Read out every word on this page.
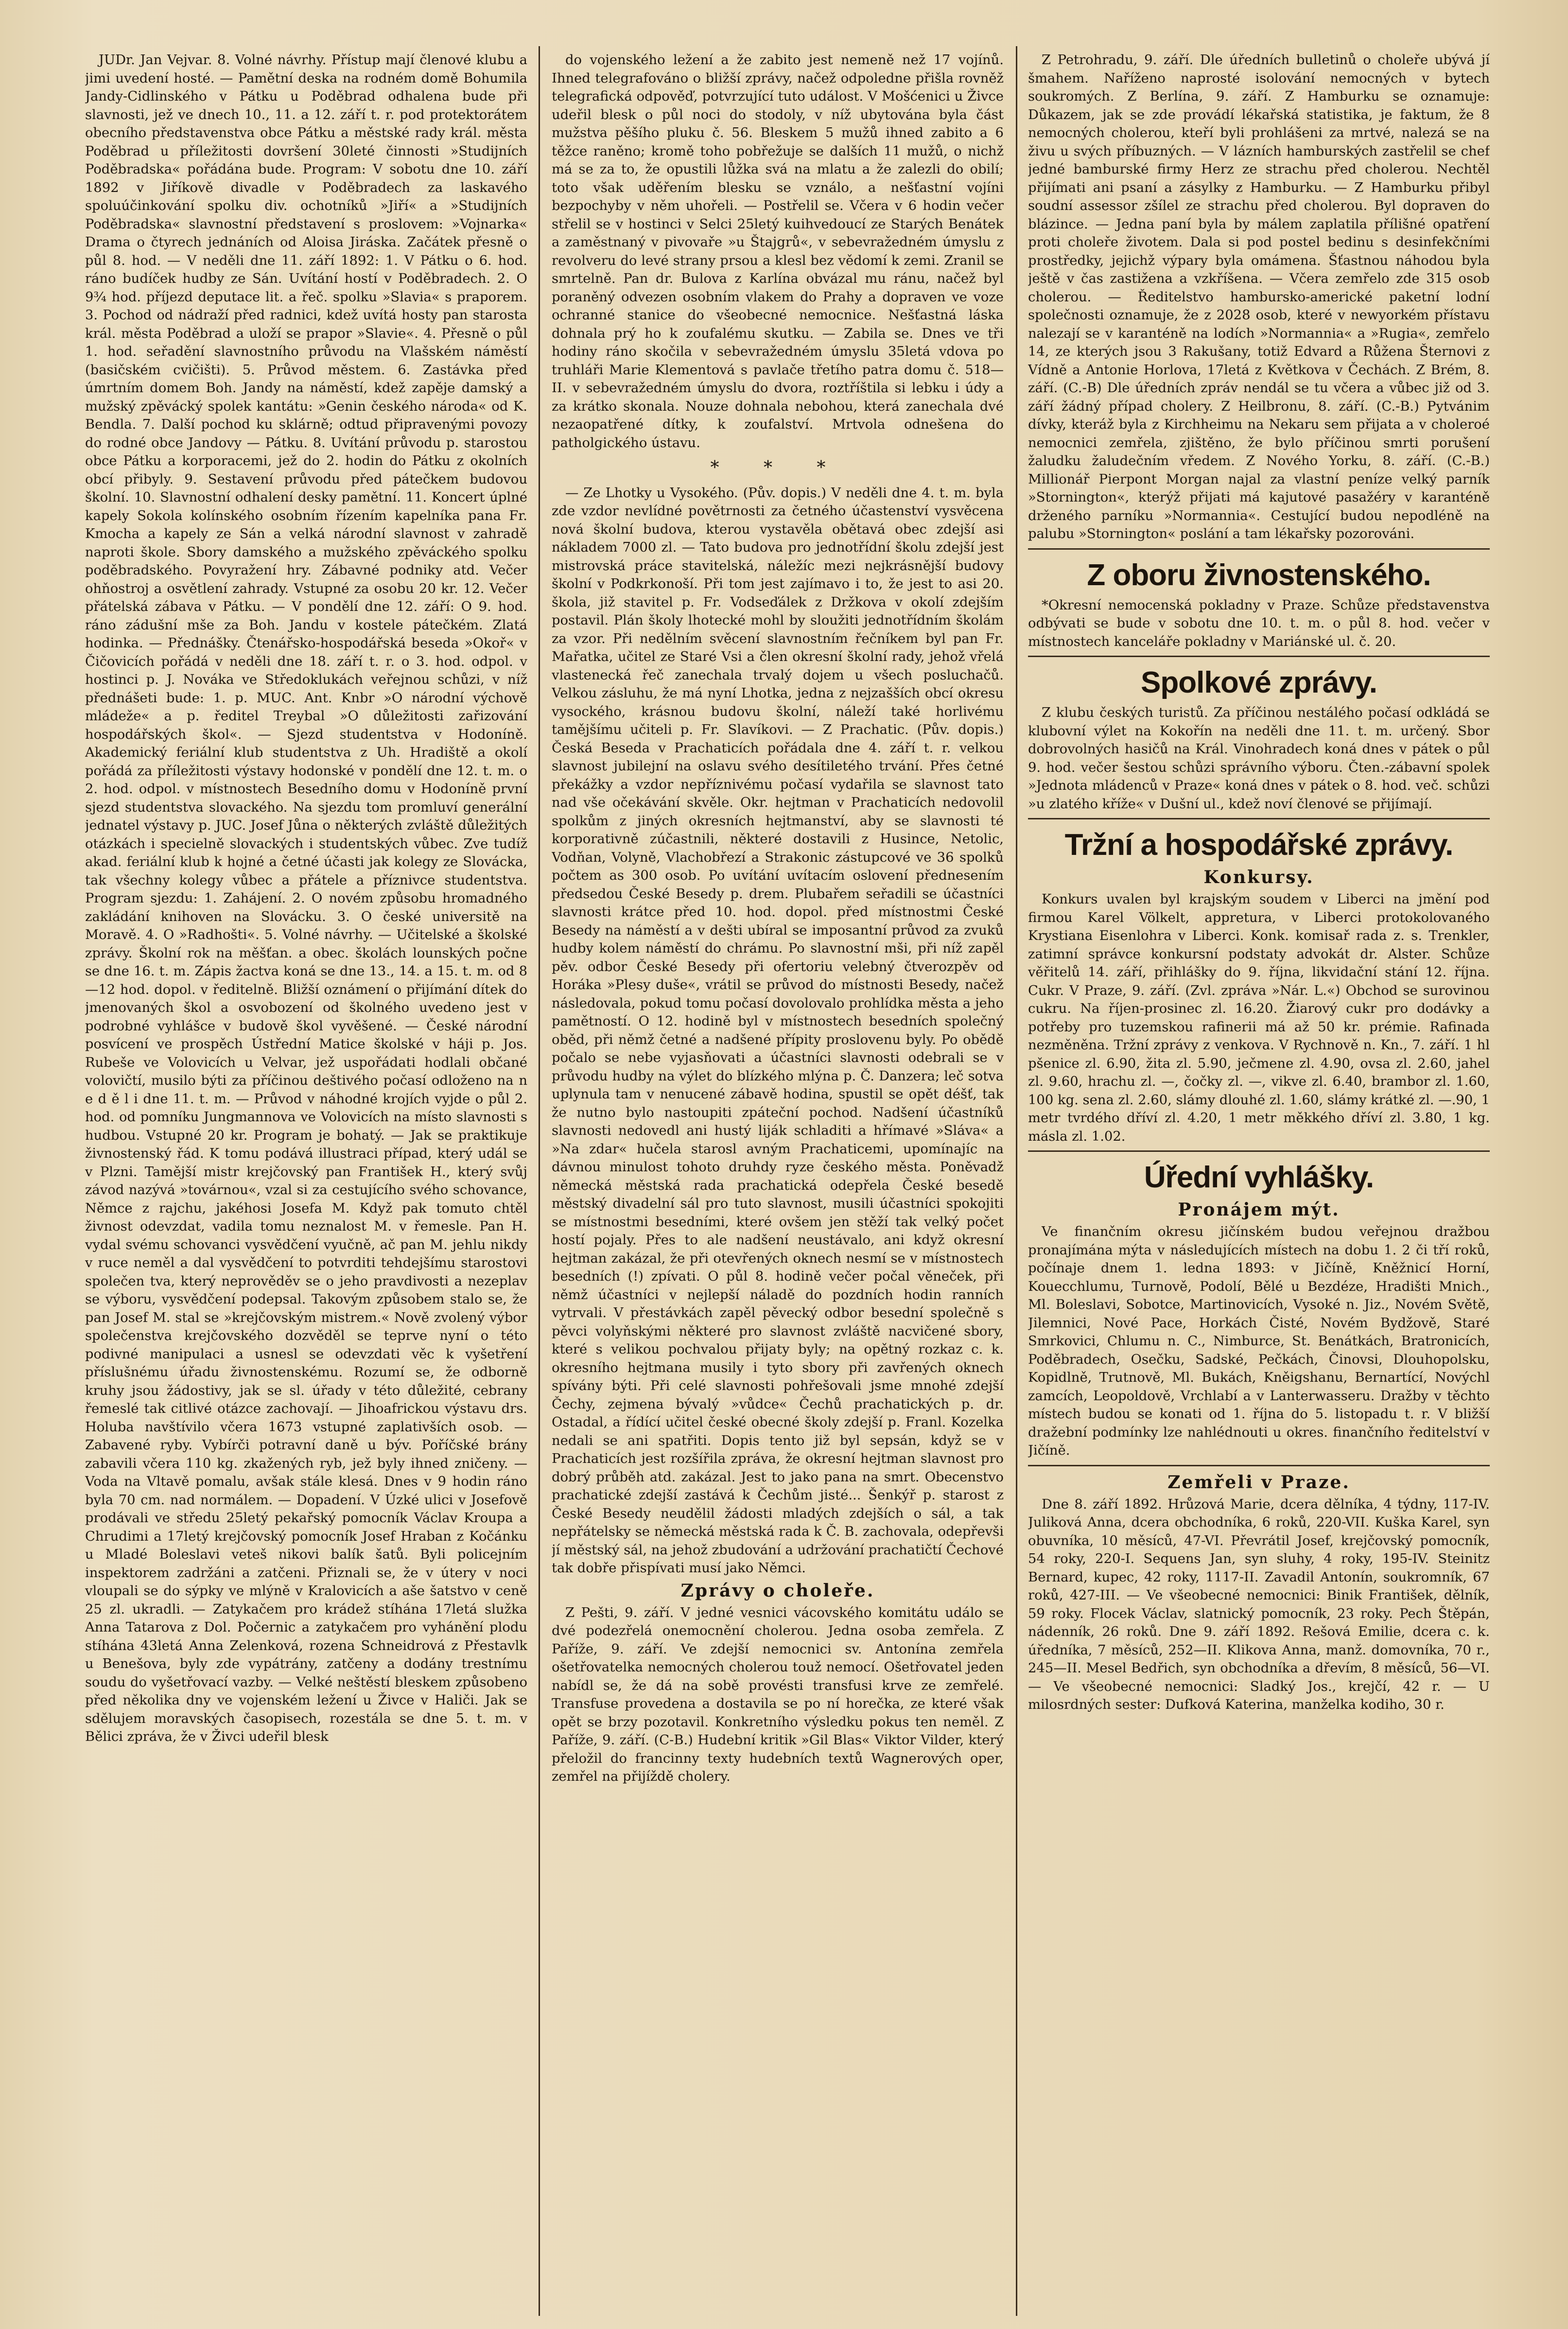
JUDr. Jan Vejvar. 8. Volné návrhy. Přístup mají členové klubu a jimi uvedení hosté. — Pamětní deska na rodném domě Bohumila Jandy-Cidlinského v Pátku u Poděbrad odhalena bude při slavnosti, jež ve dnech 10., 11. a 12. září t. r. pod protektorátem obecního představenstva obce Pátku a městské rady král. města Poděbrad u příležitosti dovršení 30leté činnosti »Studijních Poděbradska« pořádána bude. Program: V sobotu dne 10. září 1892 v Jiříkově divadle v Poděbradech za laskavého spoluúčinkování spolku div. ochotníků »Jiří« a »Studijních Poděbradska« slavnostní představení s proslovem: »Vojnarka« Drama o čtyrech jednáních od Aloisa Jiráska. Začátek přesně o půl 8. hod. — V neděli dne 11. září 1892: 1. V Pátku o 6. hod. ráno budíček hudby ze Sán. Uvítání hostí v Poděbradech. 2. O 9¾ hod. příjezd deputace lit. a řeč. spolku »Slavia« s praporem. 3. Pochod od nádraží před radnici, kdež uvítá hosty pan starosta král. města Poděbrad a uloží se prapor »Slavie«. 4. Přesně o půl 1. hod. seřadění slavnostního průvodu na Vlašském náměstí (basičském cvičišti). 5. Průvod městem. 6. Zastávka před úmrtním domem Boh. Jandy na náměstí, kdež zapěje damský a mužský zpěvácký spolek kantátu: »Genin českého národa« od K. Bendla. 7. Další pochod ku sklárně; odtud připravenými povozy do rodné obce Jandovy — Pátku. 8. Uvítání průvodu p. starostou obce Pátku a korporacemi, jež do 2. hodin do Pátku z okolních obcí přibyly. 9. Sestavení průvodu před pátečkem budovou školní. 10. Slavnostní odhalení desky pamětní. 11. Koncert úplné kapely Sokola kolínského osobním řízením kapelníka pana Fr. Kmocha a kapely ze Sán a velká národní slavnost v zahradě naproti škole. Sbory damského a mužského zpěváckého spolku poděbradského. Povyražení hry. Zábavné podniky atd. Večer ohňostroj a osvětlení zahrady. Vstupné za osobu 20 kr. 12. Večer přátelská zábava v Pátku. — V pondělí dne 12. září: O 9. hod. ráno zádušní mše za Boh. Jandu v kostele pátečkém. Zlatá hodinka. — Přednášky. Čtenářsko-hospodářská beseda »Okoř« v Čičovicích pořádá v neděli dne 18. září t. r. o 3. hod. odpol. v hostinci p. J. Nováka ve Středoklukách veřejnou schůzi, v níž přednášeti bude: 1. p. MUC. Ant. Knbr »O národní výchově mládeže« a p. ředitel Treybal »O důležitosti zařizování hospodářských škol«. — Sjezd studentstva v Hodoníně. Akademický feriální klub studentstva z Uh. Hradiště a okolí pořádá za příležitosti výstavy hodonské v pondělí dne 12. t. m. o 2. hod. odpol. v místnostech Besedního domu v Hodoníně první sjezd studentstva slovackého. Na sjezdu tom promluví generální jednatel výstavy p. JUC. Josef Jůna o některých zvláště důležitých otázkách i specielně slovackých i studentských vůbec. Zve tudíž akad. feriální klub k hojné a četné účasti jak kolegy ze Slovácka, tak všechny kolegy vůbec a přátele a příznivce studentstva. Program sjezdu: 1. Zahájení. 2. O novém způsobu hromadného zakládání knihoven na Slovácku. 3. O české universitě na Moravě. 4. O »Radhošti«. 5. Volné návrhy. — Učitelské a školské zprávy. Školní rok na měšťan. a obec. školách lounských počne se dne 16. t. m. Zápis žactva koná se dne 13., 14. a 15. t. m. od 8—12 hod. dopol. v ředitelně. Bližší oznámení o přijímání dítek do jmenovaných škol a osvobození od školného uvedeno jest v podrobné vyhlášce v budově škol vyvěšené. — České národní posvícení ve prospěch Ústřední Matice školské v háji p. Jos. Rubeše ve Volovicích u Velvar, jež uspořádati hodlali občané volovičtí, musilo býti za příčinou deštivého počasí odloženo na n e d ě l i dne 11. t. m. — Průvod v náhodné krojích vyjde o půl 2. hod. od pomníku Jungmannova ve Volovicích na místo slavnosti s hudbou. Vstupné 20 kr. Program je bohatý. — Jak se praktikuje živnostenský řád. K tomu podává illustraci případ, který udál se v Plzni. Tamější mistr krejčovský pan František H., který svůj závod nazývá »továrnou«, vzal si za cestujícího svého schovance, Němce z rajchu, jakéhosi Josefa M. Když pak tomuto chtěl živnost odevzdat, vadila tomu neznalost M. v řemesle. Pan H. vydal svému schovanci vysvědčení vyučně, ač pan M. jehlu nikdy v ruce neměl a dal vysvědčení to potvrditi tehdejšímu starostovi společen tva, který neprověděv se o jeho pravdivosti a nezeplav se výboru, vysvědčení podepsal. Takovým způsobem stalo se, že pan Josef M. stal se »krejčovským mistrem.« Nově zvolený výbor společenstva krejčovského dozvěděl se teprve nyní o této podivné manipulaci a usnesl se odevzdati věc k vyšetření příslušnému úřadu živnostenskému. Rozumí se, že odborně kruhy jsou žádostivy, jak se sl. úřady v této důležité, cebrany řemeslé tak citlivé otázce zachovají. — Jihoafrickou výstavu drs. Holuba navštívilo včera 1673 vstupné zaplativších osob. —Zabavené ryby. Vybírči potravní daně u býv. Poříčské brány zabavili včera 110 kg. zkažených ryb, jež byly ihned zničeny. — Voda na Vltavě pomalu, avšak stále klesá. Dnes v 9 hodin ráno byla 70 cm. nad normálem. — Dopadení. V Úzké ulici v Josefově prodávali ve středu 25letý pekařský pomocník Václav Kroupa a Chrudimi a 17letý krejčovský pomocník Josef Hraban z Kočánku u Mladé Boleslavi veteš nikovi balík šatů. Byli policejním inspektorem zadržáni a zatčeni. Přiznali se, že v útery v noci vloupali se do sýpky ve mlýně v Kralovicích a aše šatstvo v ceně 25 zl. ukradli. — Zatykačem pro krádež stíhána 17letá služka Anna Tatarova z Dol. Počernic a zatykačem pro vyhánění plodu stíhána 43letá Anna Zelenková, rozena Schneidrová z Přestavlk u Benešova, byly zde vypátrány, zatčeny a dodány trestnímu soudu do vyšetřovací vazby. — Velké neštěstí bleskem způsobeno před několika dny ve vojenském ležení u Živce v Haliči. Jak se sdělujem moravských časopisech, rozestála se dne 5. t. m. v Bělici zpráva, že v Živci udeřil blesk

do vojenského ležení a že zabito jest nemeně než 17 vojínů. Ihned telegrafováno o bližší zprávy, načež odpoledne přišla rovněž telegrafická odpověď, potvrzující tuto událost. V Mošćenici u Živce udeřil blesk o půl noci do stodoly, v níž ubytována byla část mužstva pěšího pluku č. 56. Bleskem 5 mužů ihned zabito a 6 těžce raněno; kromě toho pobřežuje se dalších 11 mužů, o nichž má se za to, že opustili lůžka svá na mlatu a že zalezli do obilí; toto však uděřením blesku se vználo, a nešťastní vojíni bezpochyby v něm uhořeli. — Postřelil se. Včera v 6 hodin večer střelil se v hostinci v Selci 25letý kuihvedoucí ze Starých Benátek a zaměstnaný v pivovaře »u Štajgrů«, v sebevražedném úmyslu z revolveru do levé strany prsou a klesl bez vědomí k zemi. Zranil se smrtelně. Pan dr. Bulova z Karlína obvázal mu ránu, načež byl poraněný odvezen osobním vlakem do Prahy a dopraven ve voze ochranné stanice do všeobecné nemocnice. Nešťastná láska dohnala prý ho k zoufalému skutku. — Zabila se. Dnes ve tři hodiny ráno skočila v sebevražedném úmyslu 35letá vdova po truhláři Marie Klementová s pavlače třetího patra domu č. 518—II. v sebevražedném úmyslu do dvora, roztříštila si lebku i údy a za krátko skonala. Nouze dohnala nebohou, která zanechala dvé nezaopatřené dítky, k zoufalství. Mrtvola odnešena do patholgického ústavu.

* * *

— Ze Lhotky u Vysokého. (Pův. dopis.) V neděli dne 4. t. m. byla zde vzdor nevlídné povětrnosti za četného účastenství vysvěcena nová školní budova, kterou vystavěla obětavá obec zdejší asi nákladem 7000 zl. — Tato budova pro jednotřídní školu zdejší jest mistrovská práce stavitelská, náležíc mezi nejkrásnější budovy školní v Podkrkonoší. Při tom jest zajímavo i to, že jest to asi 20. škola, již stavitel p. Fr. Vodseďálek z Držkova v okolí zdejším postavil. Plán školy lhotecké mohl by sloužiti jednotřídním školám za vzor. Při nedělním svěcení slavnostním řečníkem byl pan Fr. Mařatka, učitel ze Staré Vsi a člen okresní školní rady, jehož vřelá vlastenecká řeč zanechala trvalý dojem u všech posluchačů. Velkou zásluhu, že má nyní Lhotka, jedna z nejzašších obcí okresu vysockého, krásnou budovu školní, náleží také horlivému tamějšímu učiteli p. Fr. Slavíkovi. — Z Prachatic. (Pův. dopis.) Česká Beseda v Prachaticích pořádala dne 4. září t. r. velkou slavnost jubilejní na oslavu svého desítiletého trvání. Přes četné překážky a vzdor nepříznivému počasí vydařila se slavnost tato nad vše očekávání skvěle. Okr. hejtman v Prachaticích nedovolil spolkům z jiných okresních hejtmanství, aby se slavnosti té korporativně zúčastnili, některé dostavili z Husince, Netolic, Vodňan, Volyně, Vlachobřezí a Strakonic zástupcové ve 36 spolků počtem as 300 osob. Po uvítání uvítacím oslovení přednesením předsedou České Besedy p. drem. Plubařem seřadili se účastníci slavnosti krátce před 10. hod. dopol. před místnostmi České Besedy na náměstí a v dešti ubíral se imposantní průvod za zvuků hudby kolem náměstí do chrámu. Po slavnostní mši, při níž zapěl pěv. odbor České Besedy při ofertoriu velebný čtverozpěv od Horáka »Plesy duše«, vrátil se průvod do místnosti Besedy, načež následovala, pokud tomu počasí dovolovalo prohlídka města a jeho pamětností. O 12. hodině byl v místnostech besedních společný oběd, při němž četné a nadšené přípity proslovenu byly. Po obědě počalo se nebe vyjasňovati a účastníci slavnosti odebrali se v průvodu hudby na výlet do blízkého mlýna p. Č. Danzera; leč sotva uplynula tam v nenucené zábavě hodina, spustil se opět déšť, tak že nutno bylo nastoupiti zpáteční pochod. Nadšení účastníků slavnosti nedovedl ani hustý liják schladiti a hřímavé »Sláva« a »Na zdar« hučela starosl avným Prachaticemi, upomínajíc na dávnou minulost tohoto druhdy ryze českého města. Poněvadž německá městská rada prachatická odepřela České besedě městský divadelní sál pro tuto slavnost, musili účastníci spokojiti se místnostmi besedními, které ovšem jen stěží tak velký počet hostí pojaly. Přes to ale nadšení neustávalo, ani když okresní hejtman zakázal, že při otevřených oknech nesmí se v místnostech besedních (!) zpívati. O půl 8. hodině večer počal věneček, při němž účastníci v nejlepší náladě do pozdních hodin ranních vytrvali. V přestávkách zapěl pěvecký odbor besední společně s pěvci volyňskými některé pro slavnost zvláště nacvičené sbory, které s velikou pochvalou přijaty byly; na opětný rozkaz c. k. okresního hejtmana musily i tyto sbory při zavřených oknech spívány býti. Při celé slavnosti pohřešovali jsme mnohé zdejší Čechy, zejmena bývalý »vůdce« Čechů prachatických p. dr. Ostadal, a řídící učitel české obecné školy zdejší p. Franl. Kozelka nedali se ani spatřiti. Dopis tento již byl sepsán, když se v Prachaticích jest rozšířila zpráva, že okresní hejtman slavnost pro dobrý průběh atd. zakázal. Jest to jako pana na smrt. Obecenstvo prachatické zdejší zastává k Čechům jisté... Šenkýř p. starost z České Besedy neudělil žádosti mladých zdejších o sál, a tak nepřátelsky se německá městská rada k Č. B. zachovala, odepřevši jí městský sál, na jehož zbudování a udržování prachatičtí Čechové tak dobře přispívati musí jako Němci.

Zprávy o choleře.

Z Pešti, 9. září. V jedné vesnici vácovského komitátu událo se dvé podezřelá onemocnění cholerou. Jedna osoba zemřela. Z Paříže, 9. září. Ve zdejší nemocnici sv. Antonína zemřela ošetřovatelka nemocných cholerou touž nemocí. Ošetřovatel jeden nabídl se, že dá na sobě provésti transfusi krve ze zemřelé. Transfuse provedena a dostavila se po ní horečka, ze které však opět se brzy pozotavil. Konkretního výsledku pokus ten neměl. Z Paříže, 9. září. (C-B.) Hudební kritik »Gil Blas« Viktor Vilder, který přeložil do francinny texty hudebních textů Wagnerových oper, zemřel na přijíždě cholery.

Z Petrohradu, 9. září. Dle úředních bulletinů o choleře ubývá jí šmahem. Naříženo naprosté isolování nemocných v bytech soukromých. Z Berlína, 9. září. Z Hamburku se oznamuje: Důkazem, jak se zde provádí lékařská statistika, je faktum, že 8 nemocných cholerou, kteří byli prohlášeni za mrtvé, nalezá se na živu u svých příbuzných. — V lázních hamburských zastřelil se chef jedné bamburské firmy Herz ze strachu před cholerou. Nechtěl přijímati ani psaní a zásylky z Hamburku. — Z Hamburku přibyl soudní assessor zšílel ze strachu před cholerou. Byl dopraven do blázince. — Jedna paní byla by málem zaplatila přílišné opatření proti choleře životem. Dala si pod postel bedinu s desinfekčními prostředky, jejichž výpary byla omámena. Šťastnou náhodou byla ještě v čas zastižena a vzkříšena. — Včera zemřelo zde 315 osob cholerou. — Ředitelstvo hambursko-americké paketní lodní společnosti oznamuje, že z 2028 osob, které v newyorkém přístavu nalezají se v karanténě na lodích »Normannia« a »Rugia«, zemřelo 14, ze kterých jsou 3 Rakušany, totiž Edvard a Růžena Šternovi z Vídně a Antonie Horlova, 17letá z Květkova v Čechách. Z Brém, 8. září. (C.-B) Dle úředních zpráv nendál se tu včera a vůbec již od 3. září žádný případ cholery. Z Heilbronu, 8. září. (C.-B.) Pytvánim dívky, kteráž byla z Kirchheimu na Nekaru sem přijata a v choleroé nemocnici zemřela, zjištěno, že bylo příčinou smrti porušení žaludku žaludečním vředem. Z Nového Yorku, 8. září. (C.-B.) Millionář Pierpont Morgan najal za vlastní peníze velký parník »Stornington«, kterýž přijati má kajutové pasažéry v karanténě drženého parníku »Normannia«. Cestující budou nepodléně na palubu »Stornington« poslání a tam lékařsky pozorováni.

Z oboru živnostenského.

*Okresní nemocenská pokladny v Praze. Schůze představenstva odbývati se bude v sobotu dne 10. t. m. o půl 8. hod. večer v místnostech kanceláře pokladny v Mariánské ul. č. 20.

Spolkové zprávy.

Z klubu českých turistů. Za příčinou nestálého počasí odkládá se klubovní výlet na Kokořín na neděli dne 11. t. m. určený. Sbor dobrovolných hasičů na Král. Vinohradech koná dnes v pátek o půl 9. hod. večer šestou schůzi správního výboru. Čten.-zábavní spolek »Jednota mládenců v Praze« koná dnes v pátek o 8. hod. več. schůzi »u zlatého kříže« v Dušní ul., kdež noví členové se přijímají.

Tržní a hospodářské zprávy.
Konkursy.

Konkurs uvalen byl krajským soudem v Liberci na jmění pod firmou Karel Völkelt, appretura, v Liberci protokolovaného Krystiana Eisenlohra v Liberci. Konk. komisař rada z. s. Trenkler, zatimní správce konkursní podstaty advokát dr. Alster. Schůze věřitelů 14. září, přihlášky do 9. října, likvidační stání 12. října. Cukr. V Praze, 9. září. (Zvl. zpráva »Nár. L.«) Obchod se surovinou cukru. Na říjen-prosinec zl. 16.20. Žiarový cukr pro dodávky a potřeby pro tuzemskou rafinerii má až 50 kr. prémie. Rafinada nezměněna. Tržní zprávy z venkova. V Rychnově n. Kn., 7. září. 1 hl pšenice zl. 6.90, žita zl. 5.90, ječmene zl. 4.90, ovsa zl. 2.60, jahel zl. 9.60, hrachu zl. —, čočky zl. —, vikve zl. 6.40, brambor zl. 1.60, 100 kg. sena zl. 2.60, slámy dlouhé zl. 1.60, slámy krátké zl. —.90, 1 metr tvrdého dříví zl. 4.20, 1 metr měkkého dříví zl. 3.80, 1 kg. másla zl. 1.02.

Úřední vyhlášky.
Pronájem mýt.

Ve finančním okresu jičínském budou veřejnou dražbou pronajímána mýta v následujících místech na dobu 1. 2 či tří roků, počínaje dnem 1. ledna 1893: v Jičíně, Kněžnicí Horní, Kouecchlumu, Turnově, Podolí, Bělé u Bezdéze, Hradišti Mnich., Ml. Boleslavi, Sobotce, Martinovicích, Vysoké n. Jiz., Novém Světě, Jilemnici, Nové Pace, Horkách Čisté, Novém Bydžově, Staré Smrkovici, Chlumu n. C., Nimburce, St. Benátkách, Bratronicích, Poděbradech, Osečku, Sadské, Pečkách, Činovsi, Dlouhopolsku, Kopidlně, Trutnově, Ml. Bukách, Kněigshanu, Bernartící, Novýchl zamcích, Leopoldově, Vrchlabí a v Lanterwasseru. Dražby v těchto místech budou se konati od 1. října do 5. listopadu t. r. V bližší dražební podmínky lze nahlédnouti u okres. finančního ředitelství v Jičíně.

Zemřeli v Praze.

Dne 8. září 1892. Hrůzová Marie, dcera dělníka, 4 týdny, 117-IV. Juliková Anna, dcera obchodníka, 6 roků, 220-VII. Kuška Karel, syn obuvníka, 10 měsíců, 47-VI. Převrátil Josef, krejčovský pomocník, 54 roky, 220-I. Sequens Jan, syn sluhy, 4 roky, 195-IV. Steinitz Bernard, kupec, 42 roky, 1117-II. Zavadil Antonín, soukromník, 67 roků, 427-III. — Ve všeobecné nemocnici: Binik František, dělník, 59 roky. Flocek Václav, slatnický pomocník, 23 roky. Pech Štěpán, nádenník, 26 roků. Dne 9. září 1892. Rešová Emilie, dcera c. k. úředníka, 7 měsíců, 252—II. Klikova Anna, manž. domovníka, 70 r., 245—II. Mesel Bedřich, syn obchodníka a dřevím, 8 měsíců, 56—VI. — Ve všeobecné nemocnici: Sladký Jos., krejčí, 42 r. — U milosrdných sester: Dufková Katerina, manželka kodiho, 30 r.
